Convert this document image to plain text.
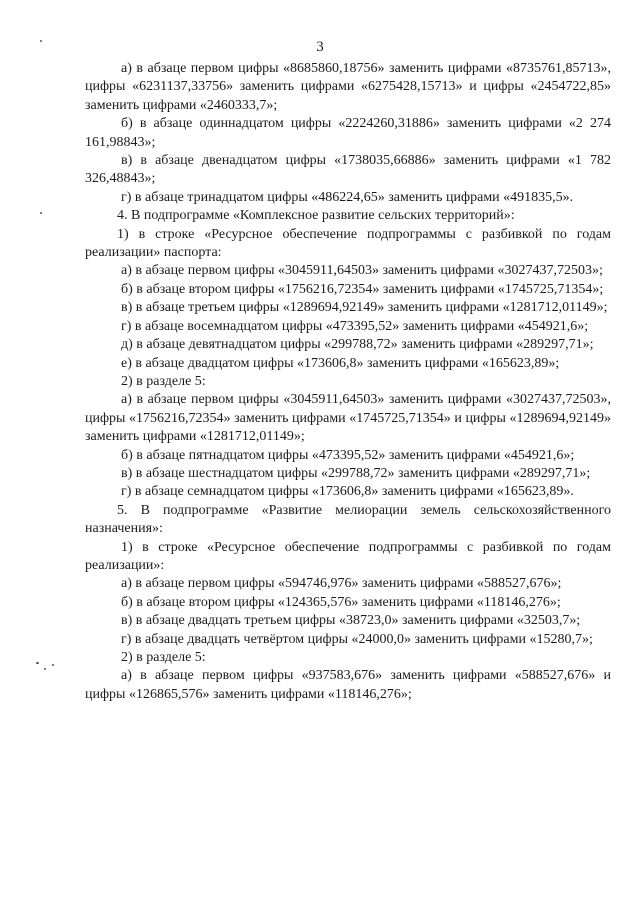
3

а) в абзаце первом цифры «8685860,18756» заменить цифрами «8735761,85713», цифры «6231137,33756» заменить цифрами «6275428,15713» и цифры «2454722,85» заменить цифрами «2460333,7»;

б) в абзаце одиннадцатом цифры «2224260,31886» заменить цифрами «2 274 161,98843»;

в) в абзаце двенадцатом цифры «1738035,66886» заменить цифрами «1 782 326,48843»;

г) в абзаце тринадцатом цифры «486224,65» заменить цифрами «491835,5».

4. В подпрограмме «Комплексное развитие сельских территорий»:

1) в строке «Ресурсное обеспечение подпрограммы с разбивкой по годам реализации» паспорта:

а) в абзаце первом цифры «3045911,64503» заменить цифрами «3027437,72503»;

б) в абзаце втором цифры «1756216,72354» заменить цифрами «1745725,71354»;

в) в абзаце третьем цифры «1289694,92149» заменить цифрами «1281712,01149»;

г) в абзаце восемнадцатом цифры «473395,52» заменить цифрами «454921,6»;

д) в абзаце девятнадцатом цифры «299788,72» заменить цифрами «289297,71»;

е) в абзаце двадцатом цифры «173606,8» заменить цифрами «165623,89»;

2) в разделе 5:

а) в абзаце первом цифры «3045911,64503» заменить цифрами «3027437,72503», цифры «1756216,72354» заменить цифрами «1745725,71354» и цифры «1289694,92149» заменить цифрами «1281712,01149»;

б) в абзаце пятнадцатом цифры «473395,52» заменить цифрами «454921,6»;

в) в абзаце шестнадцатом цифры «299788,72» заменить цифрами «289297,71»;

г) в абзаце семнадцатом цифры «173606,8» заменить цифрами «165623,89».

5. В подпрограмме «Развитие мелиорации земель сельскохозяйственного назначения»:

1) в строке «Ресурсное обеспечение подпрограммы с разбивкой по годам реализации»:

а) в абзаце первом цифры «594746,976» заменить цифрами «588527,676»;

б) в абзаце втором цифры «124365,576» заменить цифрами «118146,276»;

в) в абзаце двадцать третьем цифры «38723,0» заменить цифрами «32503,7»;

г) в абзаце двадцать четвёртом цифры «24000,0» заменить цифрами «15280,7»;

2) в разделе 5:

а) в абзаце первом цифры «937583,676» заменить цифрами «588527,676» и цифры «126865,576» заменить цифрами «118146,276»;
